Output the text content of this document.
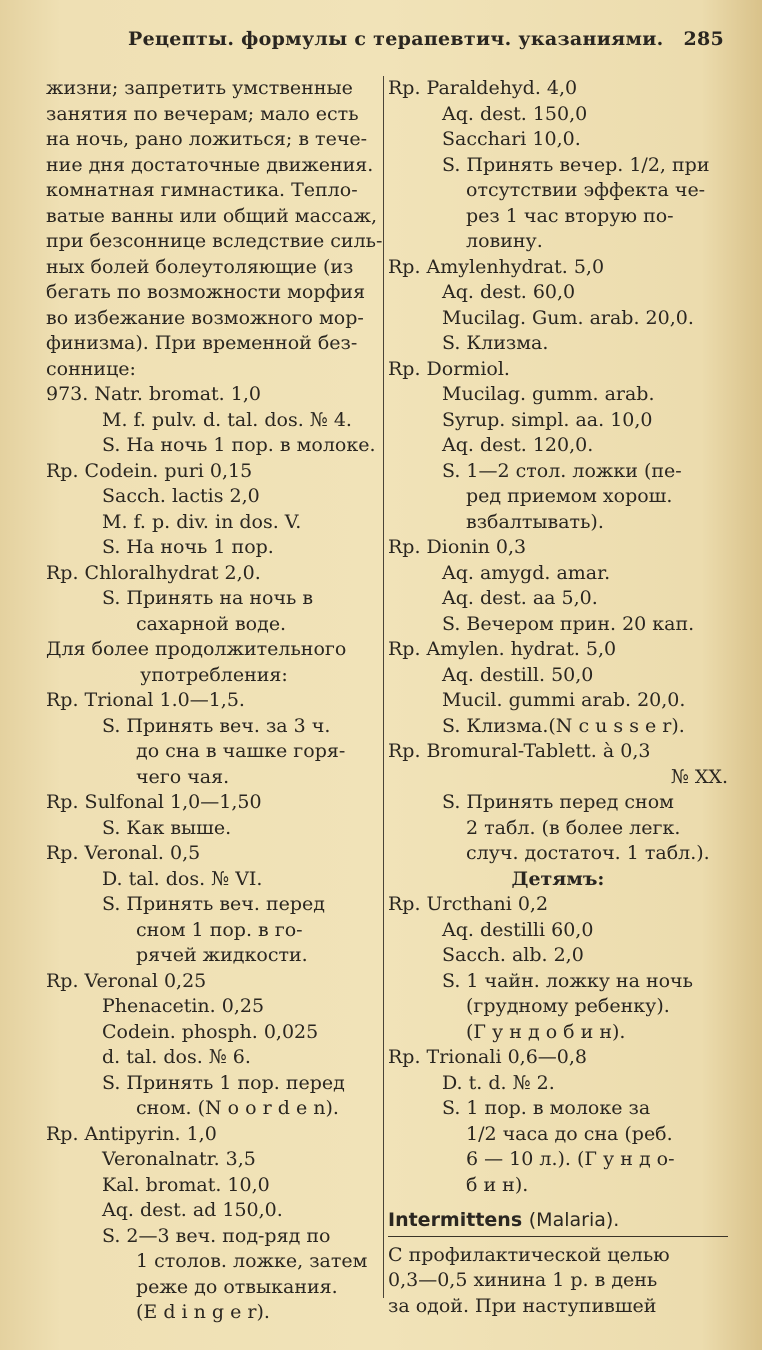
Рецепты. формулы с терапевтич. указаниями. 285
жизни; запретить умственные
занятия по вечерам; мало есть
на ночь, рано ложиться; в тече-
ние дня достаточные движения.
комнатная гимнастика. Тепло-
ватые ванны или общий массаж,
при безсоннице вследствие силь-
ных болей болеутоляющие (из
бегать по возможности морфия
во избежание возможного мор-
финизма). При временной без-
соннице:
973. Natr. bromat. 1,0
M. f. pulv. d. tal. dos. № 4.
S. На ночь 1 пор. в молоке.
Rp. Codein. puri 0,15
Sacch. lactis 2,0
M. f. p. div. in dos. V.
S. На ночь 1 пор.
Rp. Chloralhydrat 2,0.
S. Принять на ночь в
сахарной воде.
Для более продолжительного
употребления:
Rp. Trional 1.0—1,5.
S. Принять веч. за 3 ч.
до сна в чашке горя-
чего чая.
Rp. Sulfonal 1,0—1,50
S. Как выше.
Rp. Veronal. 0,5
D. tal. dos. № VI.
S. Принять веч. перед
сном 1 пор. в го-
рячей жидкости.
Rp. Veronal 0,25
Phenacetin. 0,25
Codein. phosph. 0,025
d. tal. dos. № 6.
S. Принять 1 пор. перед
сном. (N o o r d e n).
Rp. Antipyrin. 1,0
Veronalnatr. 3,5
Kal. bromat. 10,0
Aq. dest. ad 150,0.
S. 2—3 веч. под-ряд по
1 столов. ложке, затем
реже до отвыкания.
(E d i n g e r).
Rp. Paraldehyd. 4,0
Aq. dest. 150,0
Sacchari 10,0.
S. Принять вечер. 1/2, при
отсутствии эффекта че-
рез 1 час вторую по-
ловину.
Rp. Amylenhydrat. 5,0
Aq. dest. 60,0
Mucilag. Gum. arab. 20,0.
S. Клизма.
Rp. Dormiol.
Mucilag. gumm. arab.
Syrup. simpl. aa. 10,0
Aq. dest. 120,0.
S. 1—2 стол. ложки (пе-
ред приемом хорош.
взбалтывать).
Rp. Dionin 0,3
Aq. amygd. amar.
Aq. dest. aa 5,0.
S. Вечером прин. 20 кап.
Rp. Amylen. hydrat. 5,0
Aq. destill. 50,0
Mucil. gummi arab. 20,0.
S. Клизма.(N c u s s e r).
Rp. Bromural-Tablett. à 0,3
№ XX.
S. Принять перед сном
2 табл. (в более легк.
случ. достаточ. 1 табл.).
Детямъ:
Rp. Urcthani 0,2
Aq. destilli 60,0
Sacch. alb. 2,0
S. 1 чайн. ложку на ночь
(грудному ребенку).
(Г у н д о б и н).
Rp. Trionali 0,6—0,8
D. t. d. № 2.
S. 1 пор. в молоке за
1/2 часа до сна (реб.
6 — 10 л.). (Г у н д о-
б и н).
Intermittens (Malaria).
С профилактической целью
0,3—0,5 хинина 1 р. в день
за одой. При наступившей
